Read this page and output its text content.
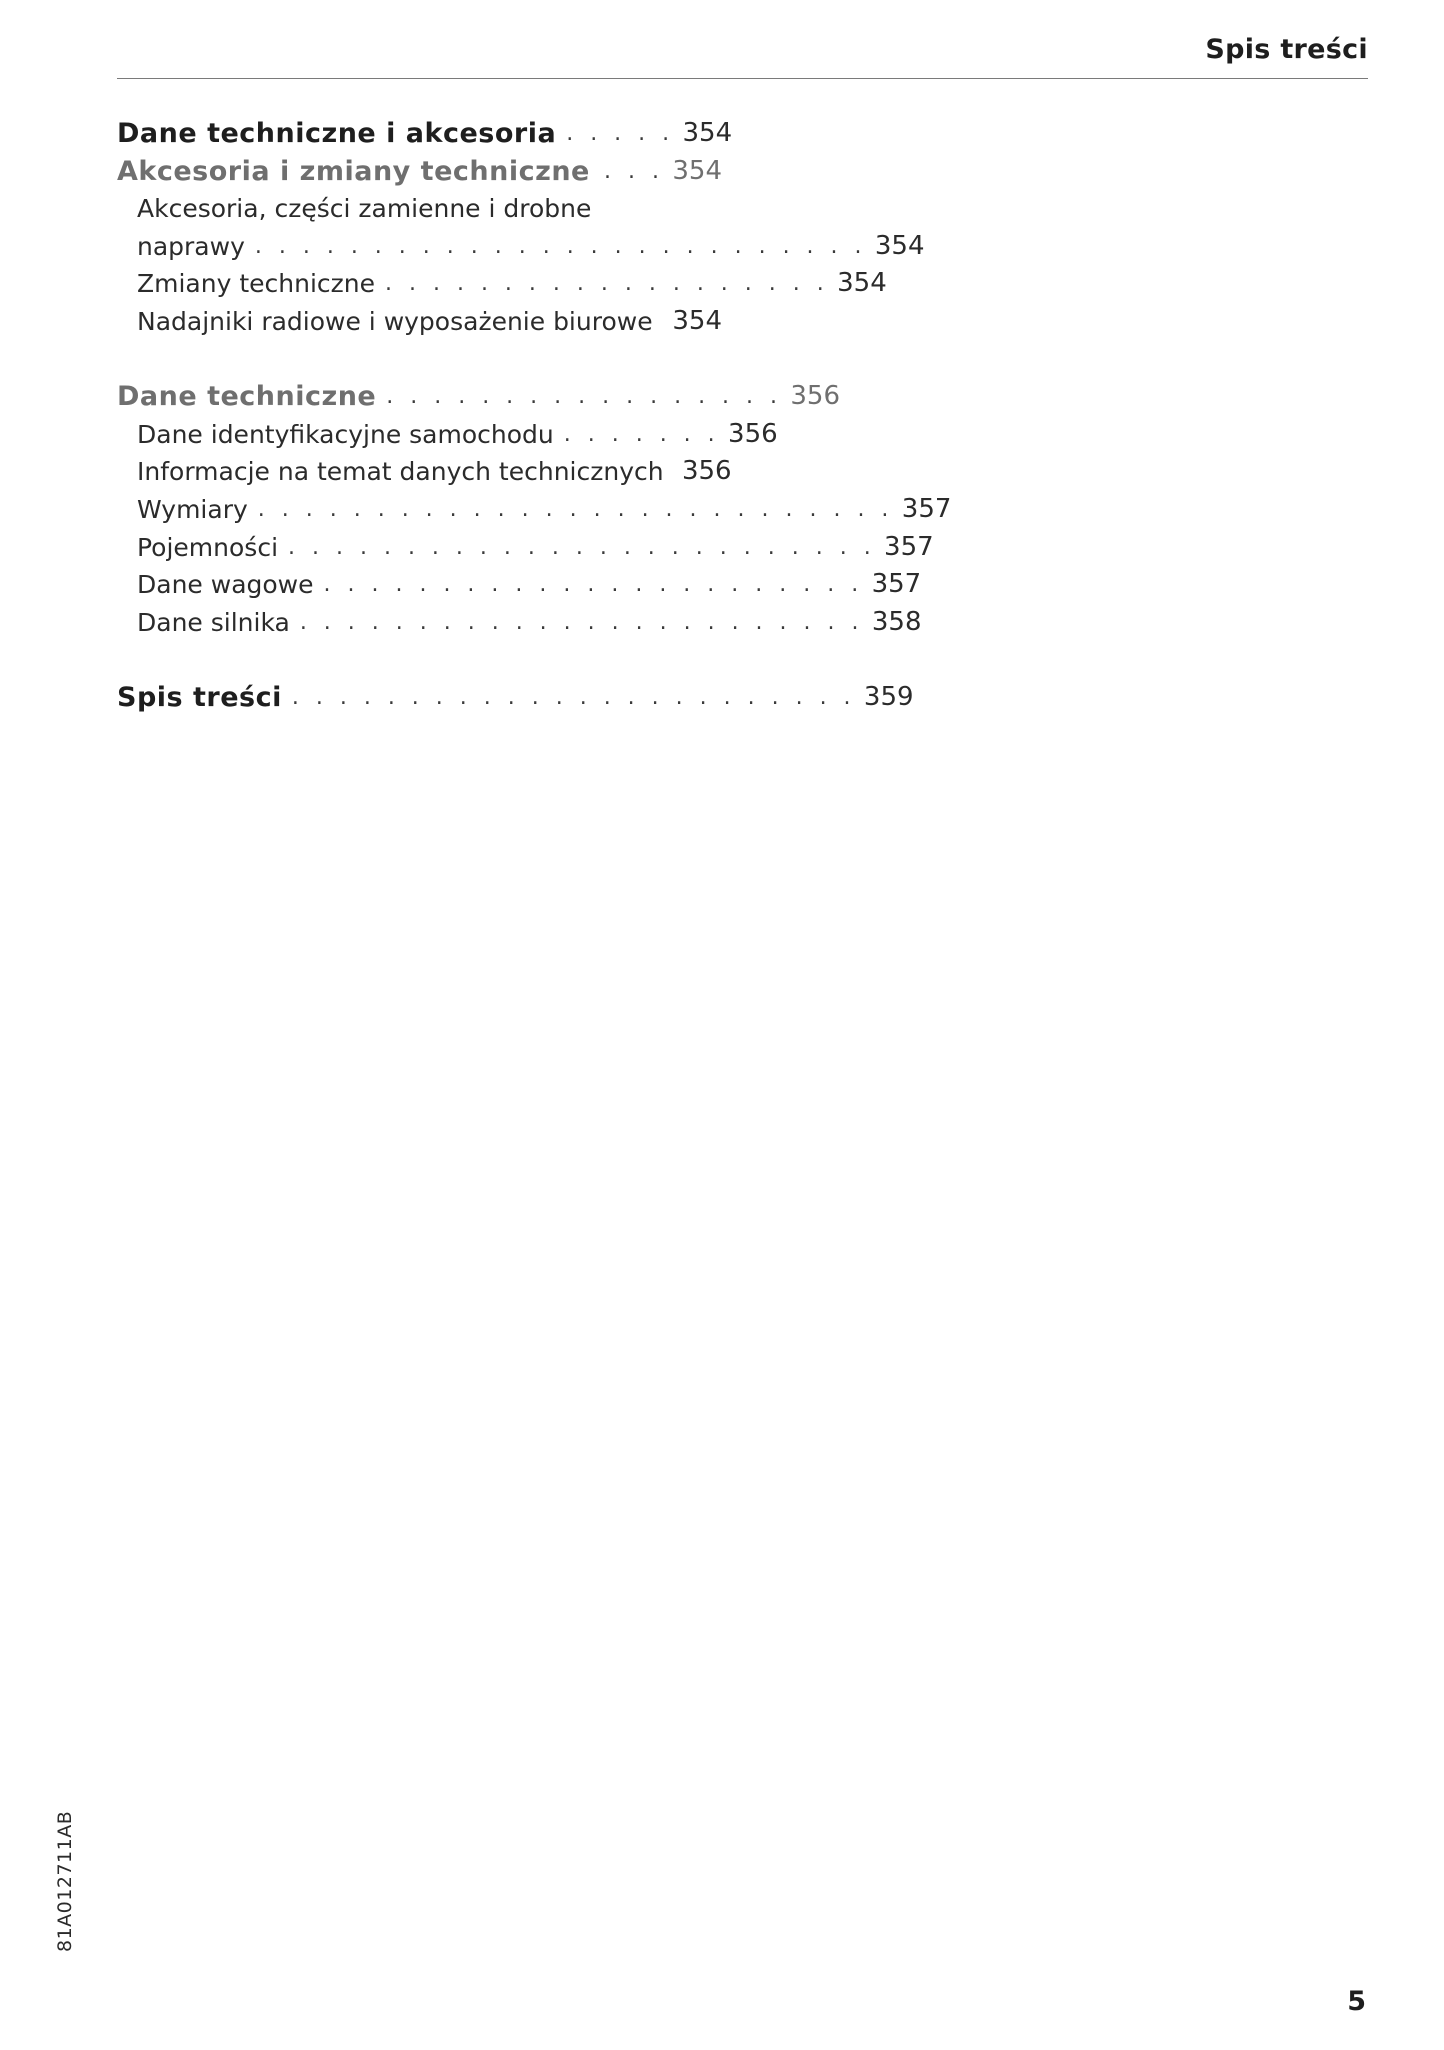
Spis treści
Dane techniczne i akcesoria . . . . . 354
Akcesoria i zmiany techniczne . . . 354
Akcesoria, części zamienne i drobne
naprawy . . . . . . . . . . . . . . . . . . . . . . . . . . 354
Zmiany techniczne . . . . . . . . . . . . . . . . . . . 354
Nadajniki radiowe i wyposażenie biurowe 354
Dane techniczne . . . . . . . . . . . . . . . . . 356
Dane identyfikacyjne samochodu . . . . . . . 356
Informacje na temat danych technicznych 356
Wymiary . . . . . . . . . . . . . . . . . . . . . . . . . . . 357
Pojemności . . . . . . . . . . . . . . . . . . . . . . . . . 357
Dane wagowe . . . . . . . . . . . . . . . . . . . . . . . 357
Dane silnika . . . . . . . . . . . . . . . . . . . . . . . . 358
Spis treści . . . . . . . . . . . . . . . . . . . . . . . . 359
81A012711AB
5
